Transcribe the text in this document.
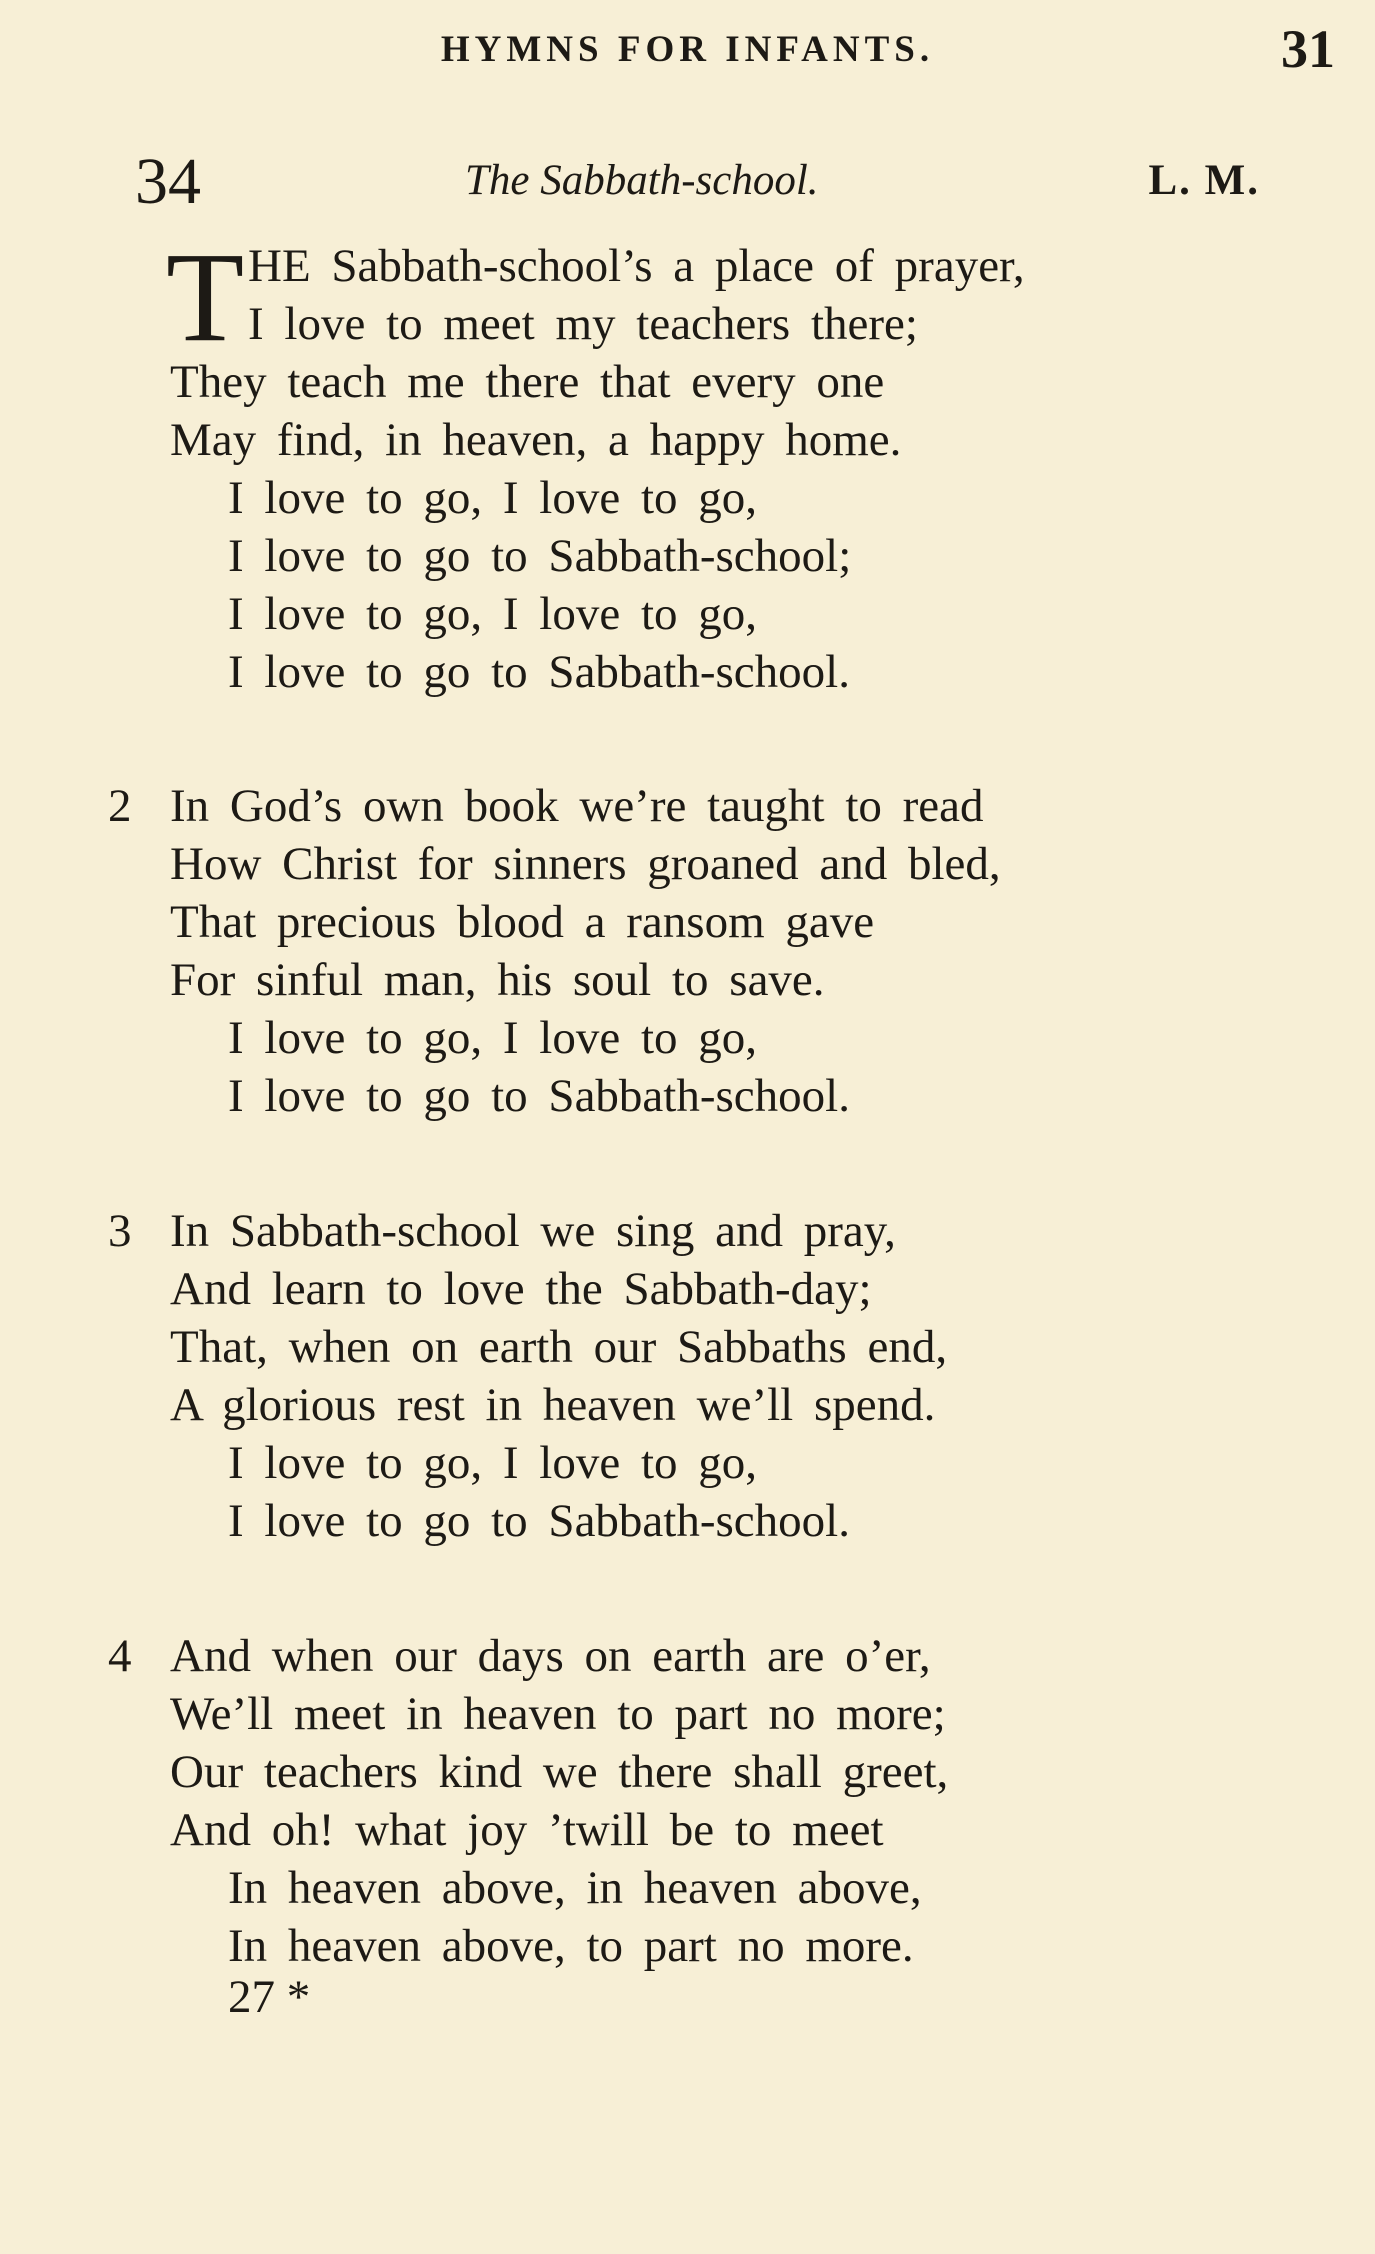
HYMNS FOR INFANTS.	31
34	The Sabbath-school.	L. M.
T HE Sabbath-school’s a place of prayer,
I love to meet my teachers there;
They teach me there that every one
May find, in heaven, a happy home.
I love to go, I love to go,
I love to go to Sabbath-school;
I love to go, I love to go,
I love to go to Sabbath-school.
2 In God’s own book we’re taught to read
How Christ for sinners groaned and bled,
That precious blood a ransom gave
For sinful man, his soul to save.
I love to go, I love to go,
I love to go to Sabbath-school.
3 In Sabbath-school we sing and pray,
And learn to love the Sabbath-day;
That, when on earth our Sabbaths end,
A glorious rest in heaven we’ll spend.
I love to go, I love to go,
I love to go to Sabbath-school.
4 And when our days on earth are o’er,
We’ll meet in heaven to part no more;
Our teachers kind we there shall greet,
And oh! what joy ’twill be to meet
In heaven above, in heaven above,
In heaven above, to part no more.
27 *
